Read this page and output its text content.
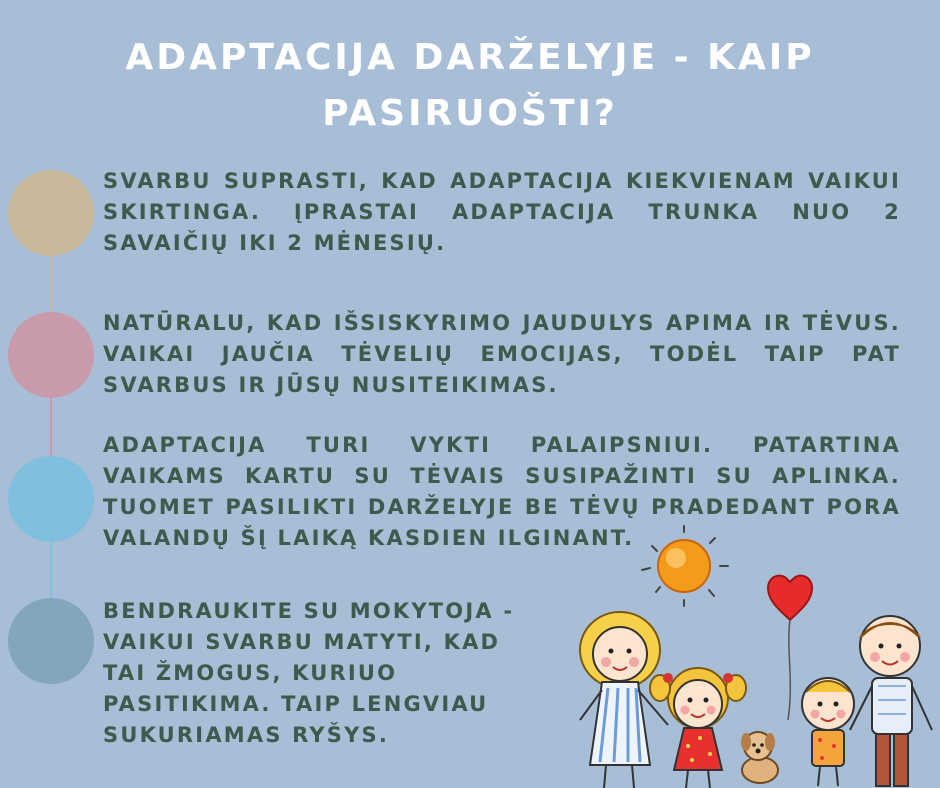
ADAPTACIJA DARŽELYJE - KAIP PASIRUOŠTI?
SVARBU SUPRASTI, KAD ADAPTACIJA KIEKVIENAM VAIKUI SKIRTINGA. ĮPRASTAI ADAPTACIJA TRUNKA NUO 2 SAVAIČIŲ IKI 2 MĖNESIŲ.
NATŪRALU, KAD IŠSISKYRIMO JAUDULYS APIMA IR TĖVUS. VAIKAI JAUČIA TĖVELIŲ EMOCIJAS, TODĖL TAIP PAT SVARBUS IR JŪSŲ NUSITEIKIMAS.
ADAPTACIJA TURI VYKTI PALAIPSNIUI. PATARTINA VAIKAMS KARTU SU TĖVAIS SUSIPAŽINTI SU APLINKA. TUOMET PASILIKTI DARŽELYJE BE TĖVŲ PRADEDANT PORA VALANDŲ ŠĮ LAIKĄ KASDIEN ILGINANT.
BENDRAUKITE SU MOKYTOJA - VAIKUI SVARBU MATYTI, KAD TAI ŽMOGUS, KURIUO PASITIKIMA. TAIP LENGVIAU SUKURIAMAS RYŠYS.
